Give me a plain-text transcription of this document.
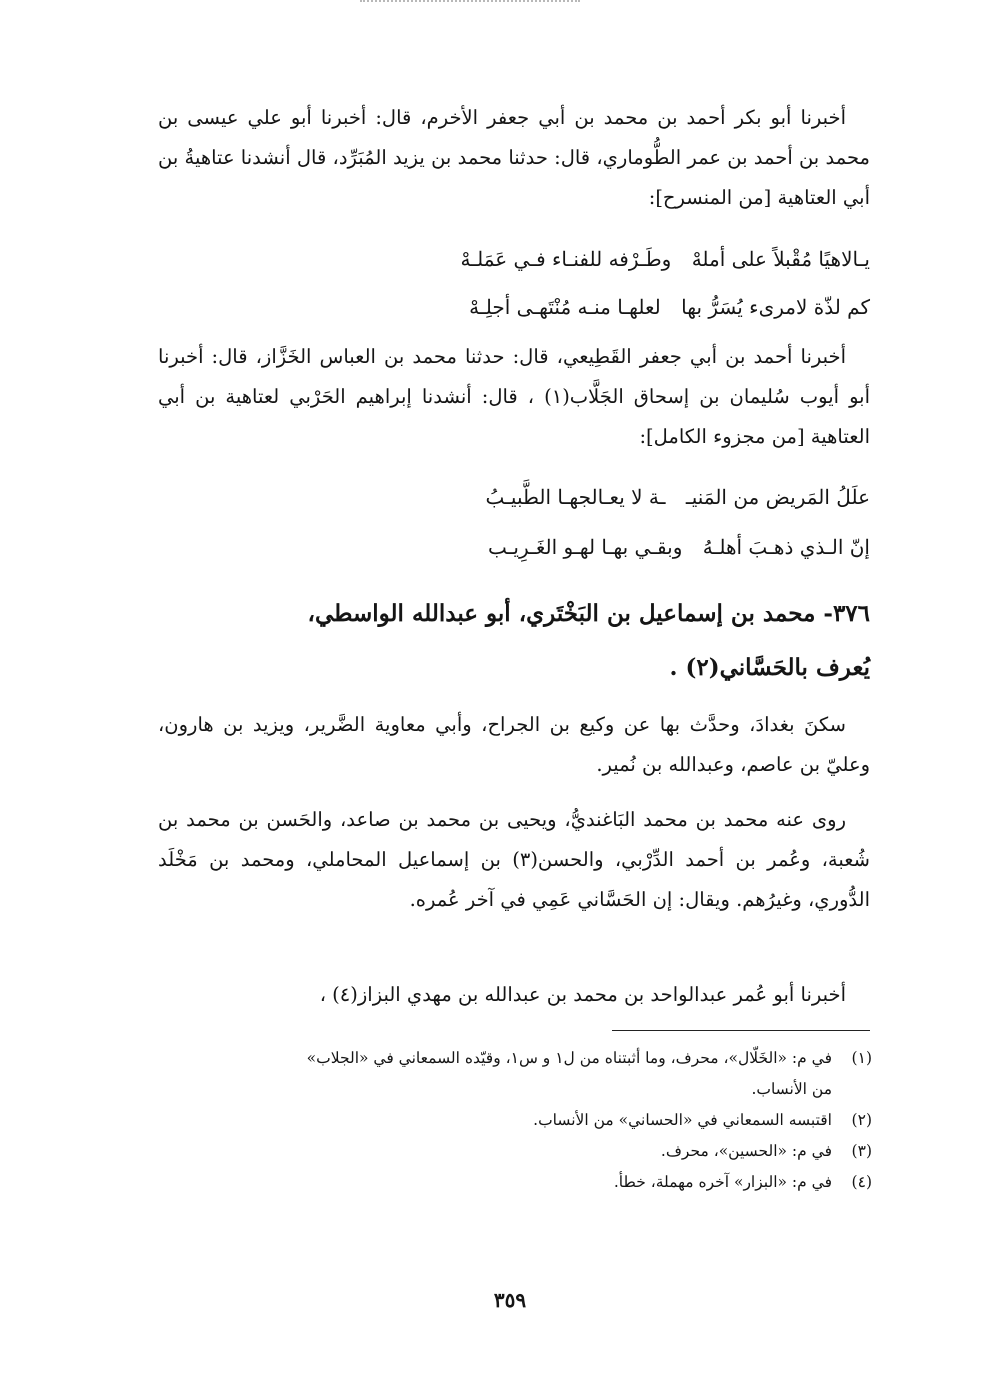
أخبرنا أبو بكر أحمد بن محمد بن أبي جعفر الأخرم، قال: أخبرنا أبو علي عيسى بن محمد بن أحمد بن عمر الطُّوماري، قال: حدثنا محمد بن يزيد المُبَرِّد، قال أنشدنا عتاهيةُ بن أبي العتاهية [من المنسرح]:

يـالاهيًا مُقْبلاً على أملهْ وطَـرْفه للفنـاء فـي عَمَلـهْ
كم لذّة لامرىء يُسَرُّ بها لعلهـا منـه مُنْتَهـى أجلِـهْ

أخبرنا أحمد بن أبي جعفر القَطِيعي، قال: حدثنا محمد بن العباس الخَزَّاز، قال: أخبرنا أبو أيوب سُليمان بن إسحاق الجَلَّاب(١) ، قال: أنشدنا إبراهيم الحَرْبي لعتاهية بن أبي العتاهية [من مجزوء الكامل]:

علَلُ المَريض من المَنيـ ـة لا يعـالجهـا الطَّبيـبُ
إنّ الـذي ذهـبَ أهلـهُ وبقـي بهـا لهـو الغَـرِيـب
٣٧٦- محمد بن إسماعيل بن البَخْتَري، أبو عبدالله الواسطي،
يُعرف بالحَسَّاني(٢) .

سكنَ بغدادَ، وحدَّث بها عن وكيع بن الجراح، وأبي معاوية الضَّرير، ويزيد بن هارون، وعليّ بن عاصم، وعبدالله بن نُمير.

روى عنه محمد بن محمد البَاغنديُّ، ويحيى بن محمد بن صاعد، والحَسن بن محمد بن شُعبة، وعُمر بن أحمد الدِّرْبي، والحسن(٣) بن إسماعيل المحاملي، ومحمد بن مَخْلَد الدُّوري، وغيرُهم. ويقال: إن الحَسَّاني عَمِي في آخر عُمره.

أخبرنا أبو عُمر عبدالواحد بن محمد بن عبدالله بن مهدي البزاز(٤) ،

(١)
في م: «الخَلّال»، محرف، وما أثبتناه من ل١ و س١، وقيّده السمعاني في «الجلاب» من الأنساب.
(٢)
اقتبسه السمعاني في «الحساني» من الأنساب.
(٣)
في م: «الحسين»، محرف.
(٤)
في م: «البزار» آخره مهملة، خطأ.
٣٥٩
